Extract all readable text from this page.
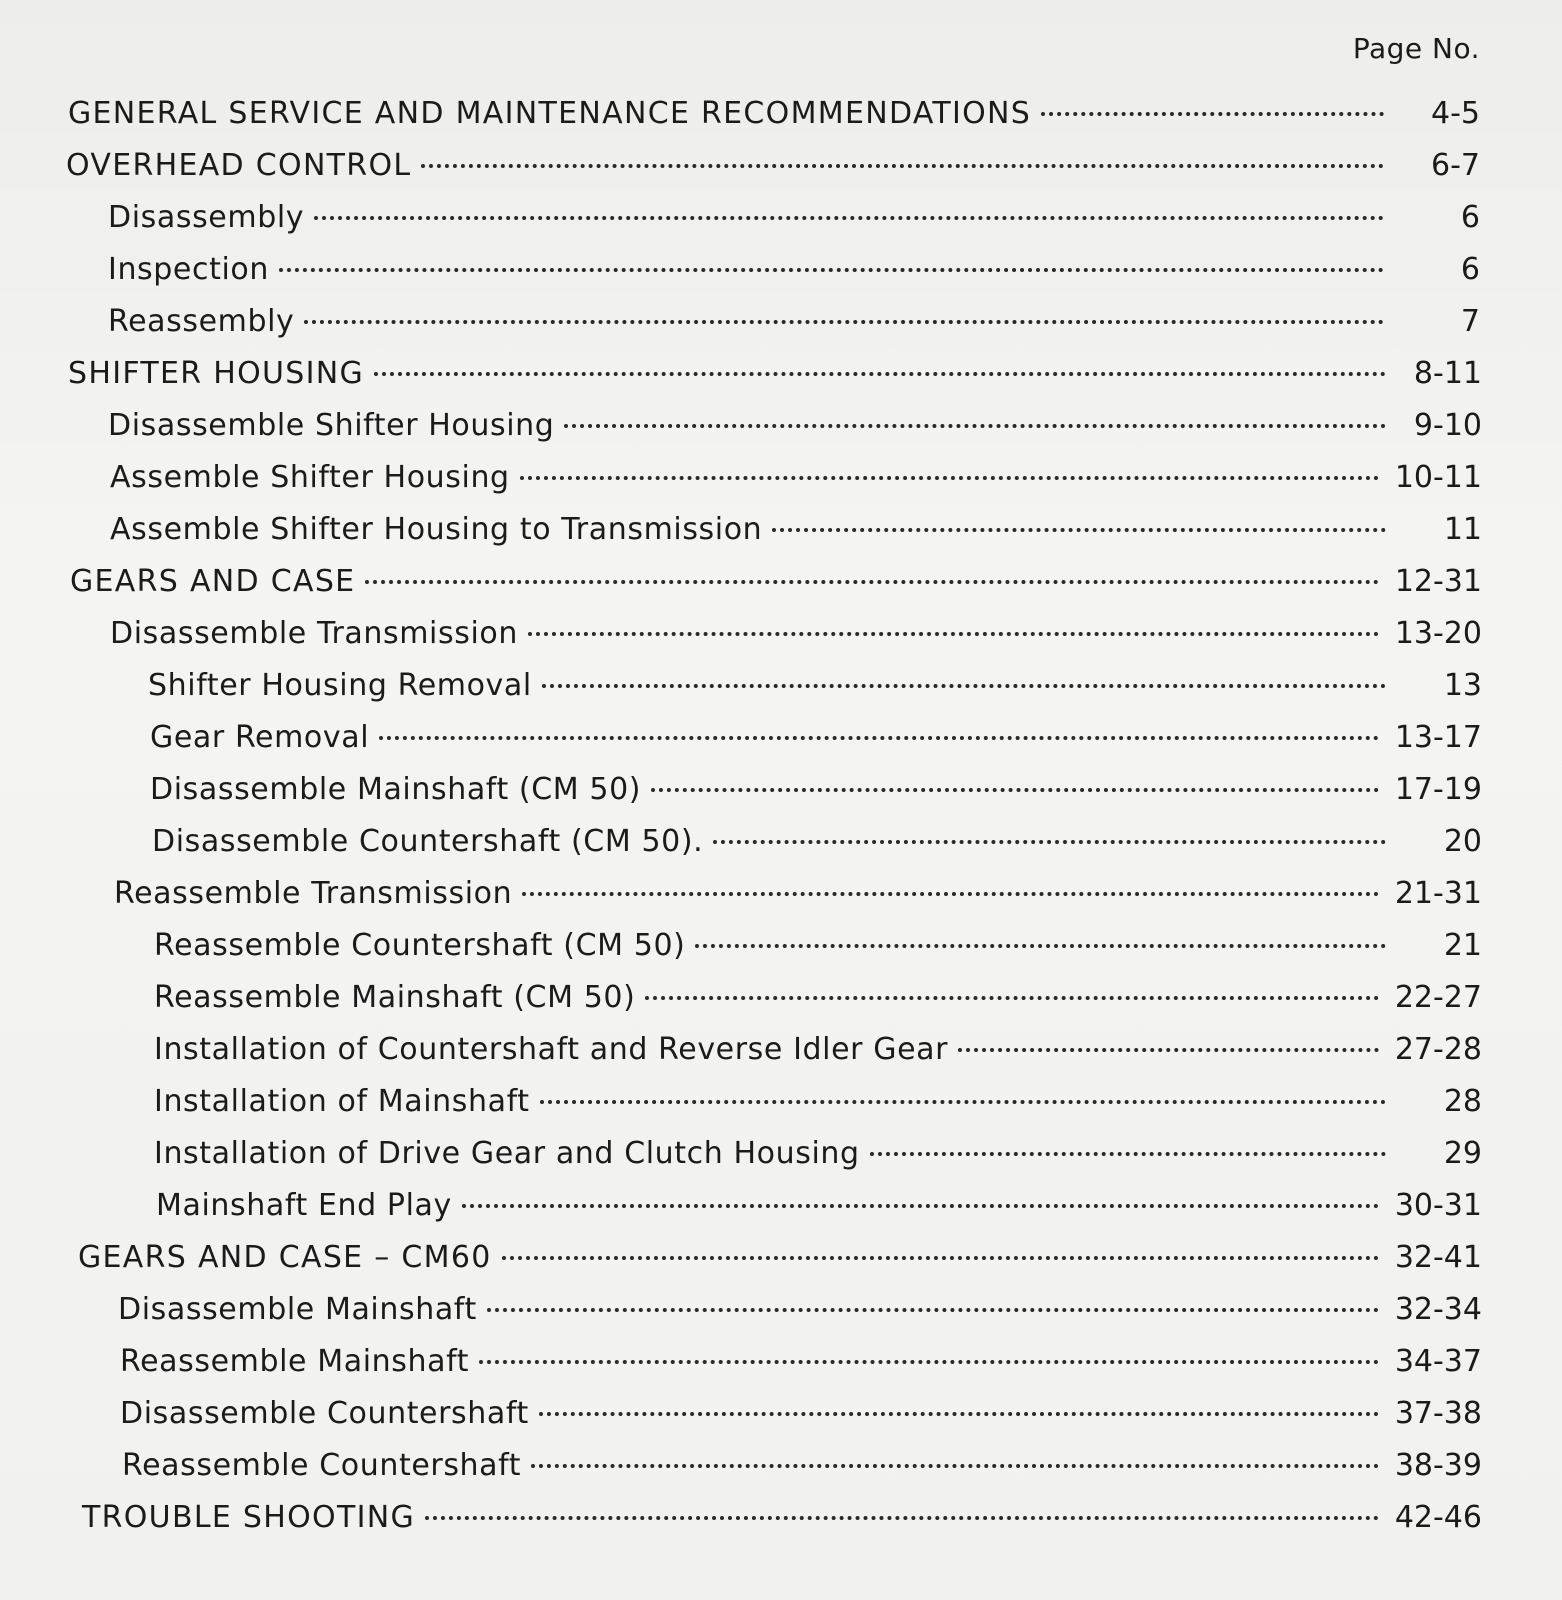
Page No.
GENERAL SERVICE AND MAINTENANCE RECOMMENDATIONS	4-5
OVERHEAD CONTROL	6-7
Disassembly	6
Inspection	6
Reassembly	7
SHIFTER HOUSING	8-11
Disassemble Shifter Housing	9-10
Assemble Shifter Housing	10-11
Assemble Shifter Housing to Transmission	11
GEARS AND CASE	12-31
Disassemble Transmission	13-20
Shifter Housing Removal	13
Gear Removal	13-17
Disassemble Mainshaft (CM 50)	17-19
Disassemble Countershaft (CM 50).	20
Reassemble Transmission	21-31
Reassemble Countershaft (CM 50)	21
Reassemble Mainshaft (CM 50)	22-27
Installation of Countershaft and Reverse Idler Gear	27-28
Installation of Mainshaft	28
Installation of Drive Gear and Clutch Housing	29
Mainshaft End Play	30-31
GEARS AND CASE – CM60	32-41
Disassemble Mainshaft	32-34
Reassemble Mainshaft	34-37
Disassemble Countershaft	37-38
Reassemble Countershaft	38-39
TROUBLE SHOOTING	42-46
